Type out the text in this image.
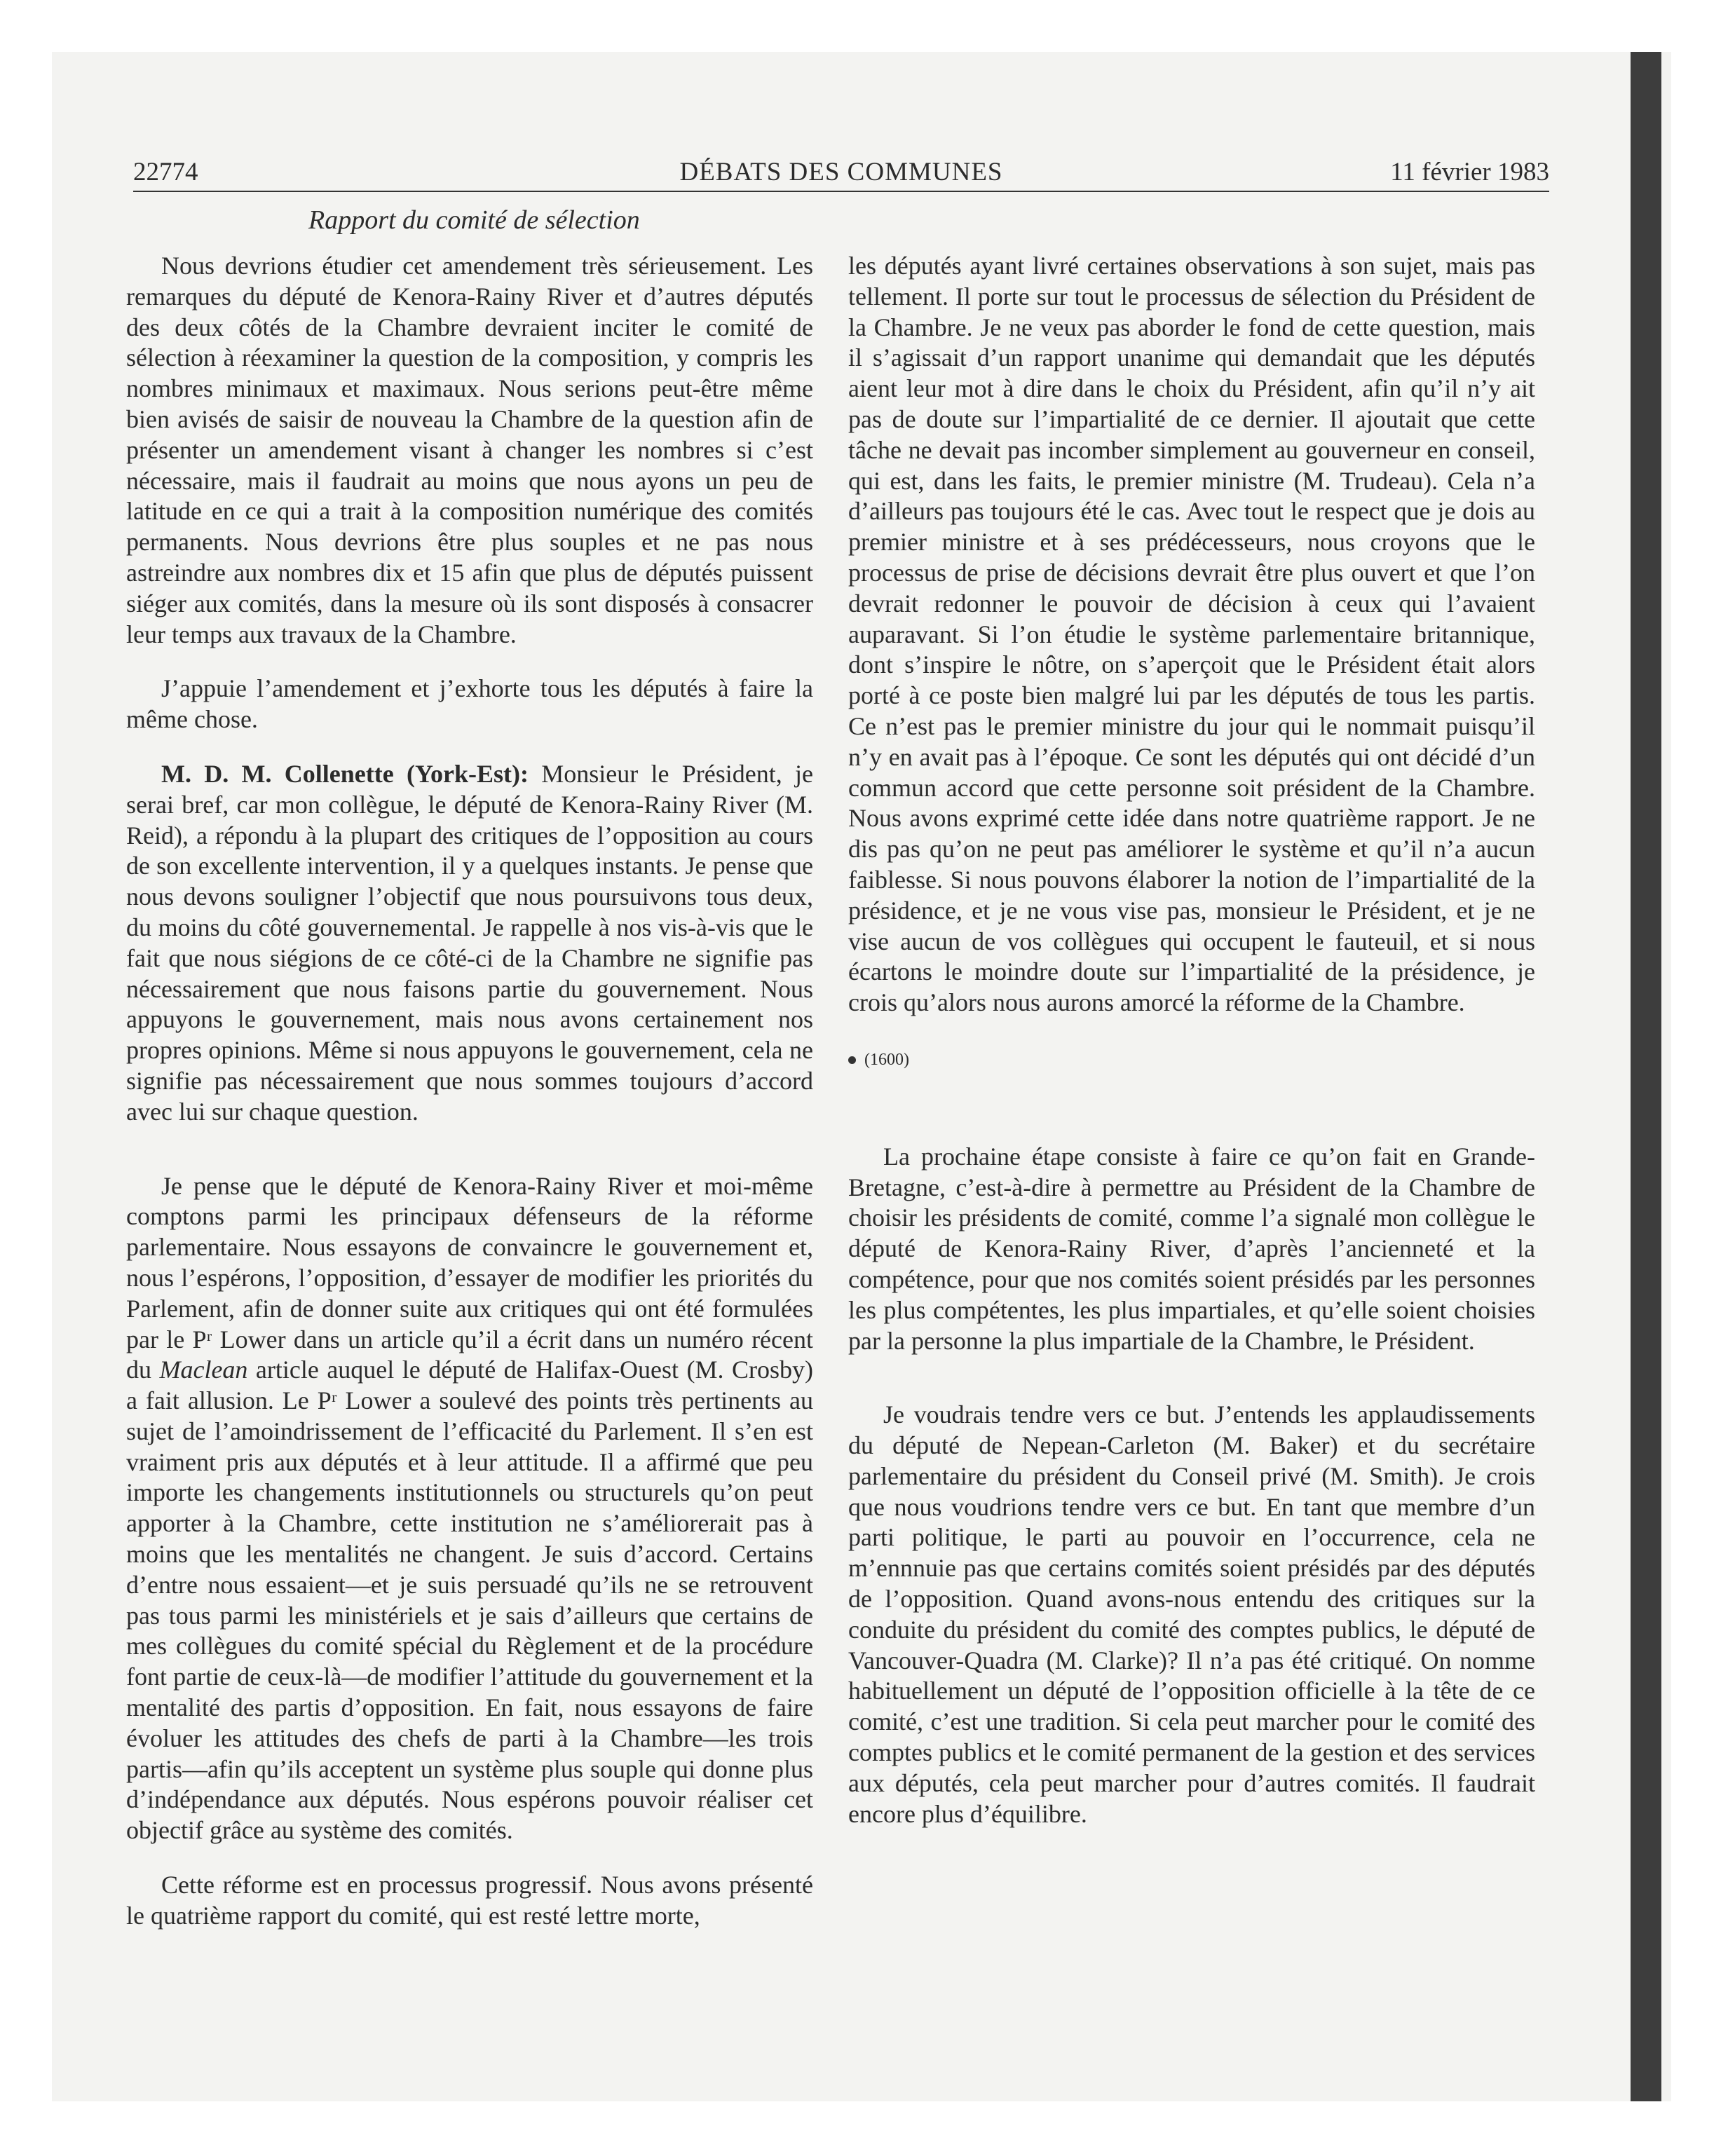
22774	DÉBATS DES COMMUNES	11 février 1983
Rapport du comité de sélection

Nous devrions étudier cet amendement très sérieusement. Les remarques du député de Kenora-Rainy River et d’autres députés des deux côtés de la Chambre devraient inciter le comité de sélection à réexaminer la question de la composition, y compris les nombres minimaux et maximaux. Nous serions peut-être même bien avisés de saisir de nouveau la Chambre de la question afin de présenter un amendement visant à changer les nombres si c’est nécessaire, mais il faudrait au moins que nous ayons un peu de latitude en ce qui a trait à la composition numérique des comités permanents. Nous devrions être plus souples et ne pas nous astreindre aux nombres dix et 15 afin que plus de députés puissent siéger aux comités, dans la mesure où ils sont disposés à consacrer leur temps aux travaux de la Chambre.

J’appuie l’amendement et j’exhorte tous les députés à faire la même chose.

M. D. M. Collenette (York-Est): Monsieur le Président, je serai bref, car mon collègue, le député de Kenora-Rainy River (M. Reid), a répondu à la plupart des critiques de l’opposition au cours de son excellente intervention, il y a quelques instants. Je pense que nous devons souligner l’objectif que nous poursuivons tous deux, du moins du côté gouvernemental. Je rappelle à nos vis-à-vis que le fait que nous siégions de ce côté-ci de la Chambre ne signifie pas nécessairement que nous faisons partie du gouvernement. Nous appuyons le gouvernement, mais nous avons certainement nos propres opinions. Même si nous appuyons le gouvernement, cela ne signifie pas nécessairement que nous sommes toujours d’accord avec lui sur chaque question.

Je pense que le député de Kenora-Rainy River et moi-même comptons parmi les principaux défenseurs de la réforme parlementaire. Nous essayons de convaincre le gouvernement et, nous l’espérons, l’opposition, d’essayer de modifier les priorités du Parlement, afin de donner suite aux critiques qui ont été formulées par le Pʳ Lower dans un article qu’il a écrit dans un numéro récent du Maclean article auquel le député de Halifax-Ouest (M. Crosby) a fait allusion. Le Pʳ Lower a soulevé des points très pertinents au sujet de l’amoindrissement de l’efficacité du Parlement. Il s’en est vraiment pris aux députés et à leur attitude. Il a affirmé que peu importe les changements institutionnels ou structurels qu’on peut apporter à la Chambre, cette institution ne s’améliorerait pas à moins que les mentalités ne changent. Je suis d’accord. Certains d’entre nous essaient—et je suis persuadé qu’ils ne se retrouvent pas tous parmi les ministériels et je sais d’ailleurs que certains de mes collègues du comité spécial du Règlement et de la procédure font partie de ceux-là—de modifier l’attitude du gouvernement et la mentalité des partis d’opposition. En fait, nous essayons de faire évoluer les attitudes des chefs de parti à la Chambre—les trois partis—afin qu’ils acceptent un système plus souple qui donne plus d’indépendance aux députés. Nous espérons pouvoir réaliser cet objectif grâce au système des comités.

Cette réforme est en processus progressif. Nous avons présenté le quatrième rapport du comité, qui est resté lettre morte,

les députés ayant livré certaines observations à son sujet, mais pas tellement. Il porte sur tout le processus de sélection du Président de la Chambre. Je ne veux pas aborder le fond de cette question, mais il s’agissait d’un rapport unanime qui demandait que les députés aient leur mot à dire dans le choix du Président, afin qu’il n’y ait pas de doute sur l’impartialité de ce dernier. Il ajoutait que cette tâche ne devait pas incomber simplement au gouverneur en conseil, qui est, dans les faits, le premier ministre (M. Trudeau). Cela n’a d’ailleurs pas toujours été le cas. Avec tout le respect que je dois au premier ministre et à ses prédécesseurs, nous croyons que le processus de prise de décisions devrait être plus ouvert et que l’on devrait redonner le pouvoir de décision à ceux qui l’avaient auparavant. Si l’on étudie le système parlementaire britannique, dont s’inspire le nôtre, on s’aperçoit que le Président était alors porté à ce poste bien malgré lui par les députés de tous les partis. Ce n’est pas le premier ministre du jour qui le nommait puisqu’il n’y en avait pas à l’époque. Ce sont les députés qui ont décidé d’un commun accord que cette personne soit président de la Chambre. Nous avons exprimé cette idée dans notre quatrième rapport. Je ne dis pas qu’on ne peut pas améliorer le système et qu’il n’a aucun faiblesse. Si nous pouvons élaborer la notion de l’impartialité de la présidence, et je ne vous vise pas, monsieur le Président, et je ne vise aucun de vos collègues qui occupent le fauteuil, et si nous écartons le moindre doute sur l’impartialité de la présidence, je crois qu’alors nous aurons amorcé la réforme de la Chambre.

(1600)

La prochaine étape consiste à faire ce qu’on fait en Grande-Bretagne, c’est-à-dire à permettre au Président de la Chambre de choisir les présidents de comité, comme l’a signalé mon collègue le député de Kenora-Rainy River, d’après l’ancienneté et la compétence, pour que nos comités soient présidés par les personnes les plus compétentes, les plus impartiales, et qu’elle soient choisies par la personne la plus impartiale de la Chambre, le Président.

Je voudrais tendre vers ce but. J’entends les applaudissements du député de Nepean-Carleton (M. Baker) et du secrétaire parlementaire du président du Conseil privé (M. Smith). Je crois que nous voudrions tendre vers ce but. En tant que membre d’un parti politique, le parti au pouvoir en l’occurrence, cela ne m’ennnuie pas que certains comités soient présidés par des députés de l’opposition. Quand avons-nous entendu des critiques sur la conduite du président du comité des comptes publics, le député de Vancouver-Quadra (M. Clarke)? Il n’a pas été critiqué. On nomme habituellement un député de l’opposition officielle à la tête de ce comité, c’est une tradition. Si cela peut marcher pour le comité des comptes publics et le comité permanent de la gestion et des services aux députés, cela peut marcher pour d’autres comités. Il faudrait encore plus d’équilibre.
